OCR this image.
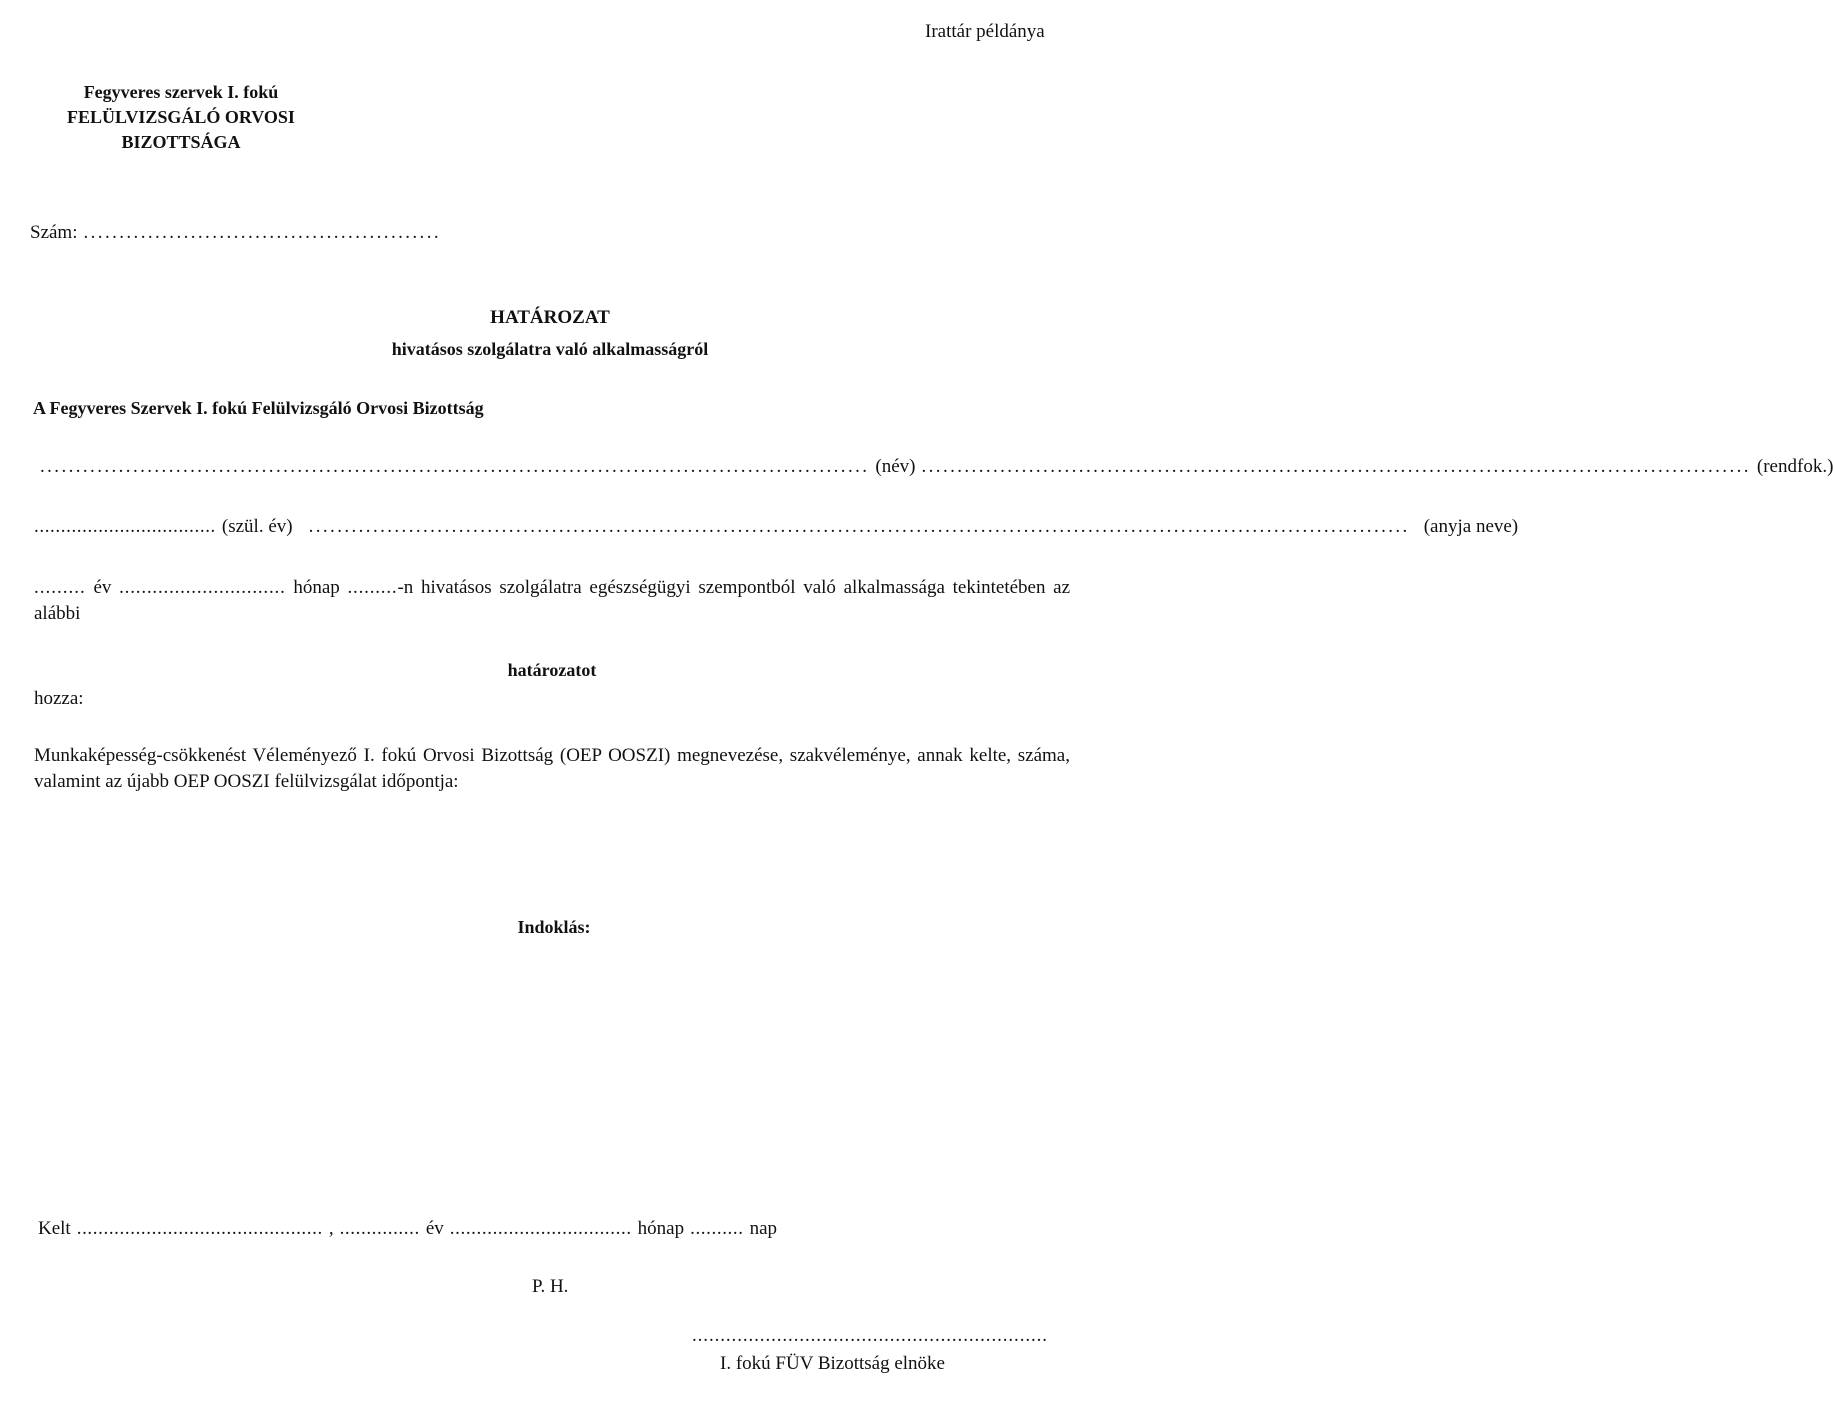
Irattár példánya
Fegyveres szervek I. fokú
FELÜLVIZSGÁLÓ ORVOSI
BIZOTTSÁGA
Szám: ..................................................
HATÁROZAT
hivatásos szolgálatra való alkalmasságról
A Fegyveres Szervek I. fokú Felülvizsgáló Orvosi Bizottság
.................................................................................................................... (név) .................................................................................................................... (rendfok.)
.................................. (szül. év) .......................................................................................................................................................... (anyja neve)
......... év .............................. hónap .........-n hivatásos szolgálatra egészségügyi szempontból való alkalmassága tekintetében az alábbi
határozatot
hozza:
Munkaképesség-csökkenést Véleményező I. fokú Orvosi Bizottság (OEP OOSZI) megnevezése, szakvéleménye, annak kelte, száma, valamint az újabb OEP OOSZI felülvizsgálat időpontja:
Indoklás:
Kelt .............................................. , ............... év .................................. hónap .......... nap
P. H.
...............................................................
I. fokú FÜV Bizottság elnöke
